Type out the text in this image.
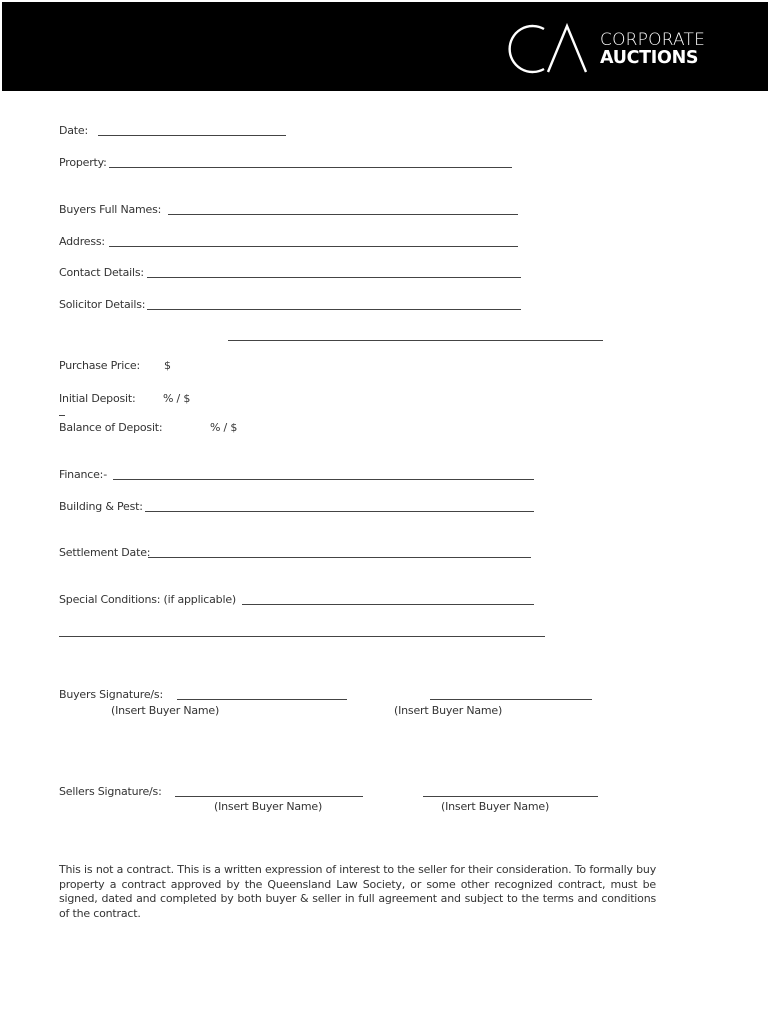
CORPORATE
AUCTIONS
Date:
Property:
Buyers Full Names:
Address:
Contact Details:
Solicitor Details:
Purchase Price: $
Initial Deposit:	% / $
Balance of Deposit:	% / $
Finance:-
Building & Pest:
Settlement Date:
Special Conditions: (if applicable)
Buyers Signature/s:
(Insert Buyer Name)	(Insert Buyer Name)
Sellers Signature/s:
(Insert Buyer Name)	(Insert Buyer Name)
This is not a contract. This is a written expression of interest to the seller for their consideration. To formally buy property a contract approved by the Queensland Law Society, or some other recognized contract, must be signed, dated and completed by both buyer & seller in full agreement and subject to the terms and conditions of the contract.
